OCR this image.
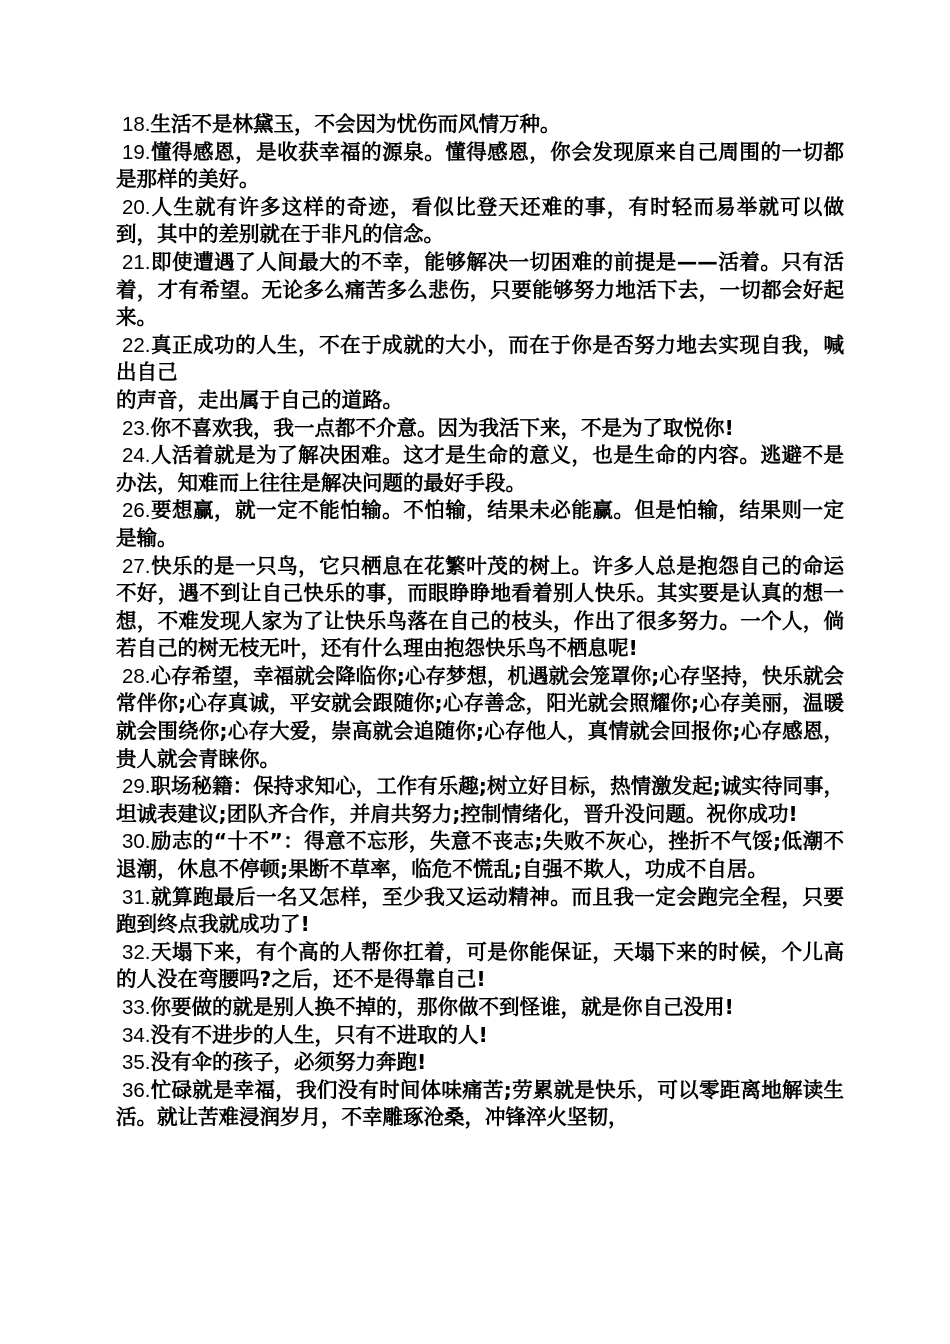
18.生活不是林黛玉，不会因为忧伤而风情万种。

19.懂得感恩，是收获幸福的源泉。懂得感恩，你会发现原来自己周围的一切都是那样的美好。

20.人生就有许多这样的奇迹，看似比登天还难的事，有时轻而易举就可以做到，其中的差别就在于非凡的信念。

21.即使遭遇了人间最大的不幸，能够解决一切困难的前提是——活着。只有活着，才有希望。无论多么痛苦多么悲伤，只要能够努力地活下去，一切都会好起来。

22.真正成功的人生，不在于成就的大小，而在于你是否努力地去实现自我，喊出自己
的声音，走出属于自己的道路。

23.你不喜欢我，我一点都不介意。因为我活下来，不是为了取悦你!

24.人活着就是为了解决困难。这才是生命的意义，也是生命的内容。逃避不是办法，知难而上往往是解决问题的最好手段。

26.要想赢，就一定不能怕输。不怕输，结果未必能赢。但是怕输，结果则一定是输。

27.快乐的是一只鸟，它只栖息在花繁叶茂的树上。许多人总是抱怨自己的命运不好，遇不到让自己快乐的事，而眼睁睁地看着别人快乐。其实要是认真的想一想，不难发现人家为了让快乐鸟落在自己的枝头，作出了很多努力。一个人，倘若自己的树无枝无叶，还有什么理由抱怨快乐鸟不栖息呢!

28.心存希望，幸福就会降临你;心存梦想，机遇就会笼罩你;心存坚持，快乐就会常伴你;心存真诚，平安就会跟随你;心存善念，阳光就会照耀你;心存美丽，温暖就会围绕你;心存大爱，崇高就会追随你;心存他人，真情就会回报你;心存感恩，贵人就会青睐你。

29.职场秘籍：保持求知心，工作有乐趣;树立好目标，热情激发起;诚实待同事，坦诚表建议;团队齐合作，并肩共努力;控制情绪化，晋升没问题。祝你成功!

30.励志的“十不”：得意不忘形，失意不丧志;失败不灰心，挫折不气馁;低潮不退潮，休息不停顿;果断不草率，临危不慌乱;自强不欺人，功成不自居。

31.就算跑最后一名又怎样，至少我又运动精神。而且我一定会跑完全程，只要跑到终点我就成功了!

32.天塌下来，有个高的人帮你扛着，可是你能保证，天塌下来的时候，个儿高的人没在弯腰吗?之后，还不是得靠自己!

33.你要做的就是别人换不掉的，那你做不到怪谁，就是你自己没用!

34.没有不进步的人生，只有不进取的人!

35.没有伞的孩子，必须努力奔跑!

36.忙碌就是幸福，我们没有时间体味痛苦;劳累就是快乐，可以零距离地解读生活。就让苦难浸润岁月，不幸雕琢沧桑，冲锋淬火坚韧，
